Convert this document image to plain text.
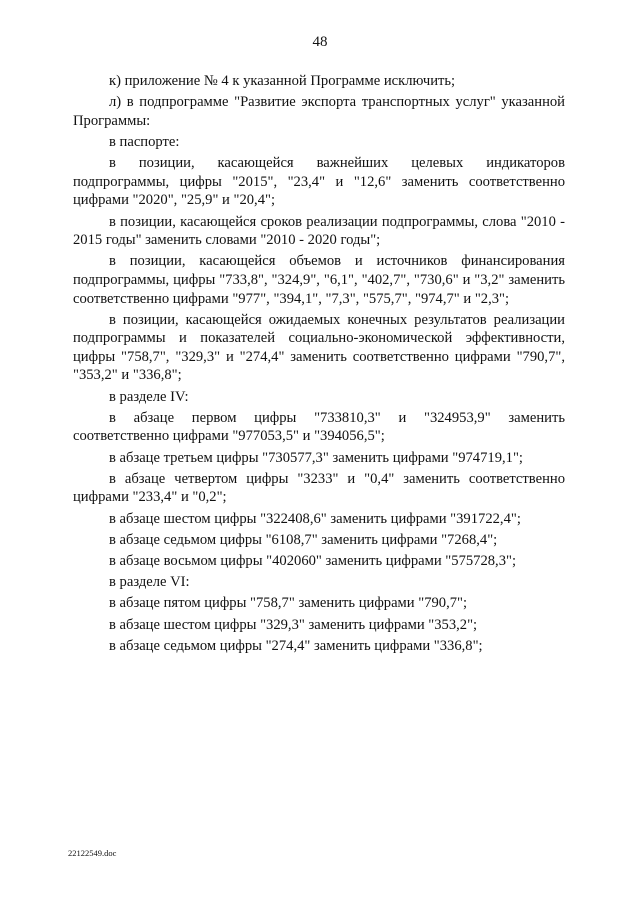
48

к) приложение № 4 к указанной Программе исключить;

л) в подпрограмме "Развитие экспорта транспортных услуг" указанной Программы:

в паспорте:

в позиции, касающейся важнейших целевых индикаторов подпрограммы, цифры "2015", "23,4" и "12,6" заменить соответственно цифрами "2020", "25,9" и "20,4";

в позиции, касающейся сроков реализации подпрограммы, слова "2010 - 2015 годы" заменить словами "2010 - 2020 годы";

в позиции, касающейся объемов и источников финансирования подпрограммы, цифры "733,8", "324,9", "6,1", "402,7", "730,6" и "3,2" заменить соответственно цифрами "977", "394,1", "7,3", "575,7", "974,7" и "2,3";

в позиции, касающейся ожидаемых конечных результатов реализации подпрограммы и показателей социально-экономической эффективности, цифры "758,7", "329,3" и "274,4" заменить соответственно цифрами "790,7", "353,2" и "336,8";

в разделе IV:

в абзаце первом цифры "733810,3" и "324953,9" заменить соответственно цифрами "977053,5" и "394056,5";

в абзаце третьем цифры "730577,3" заменить цифрами "974719,1";

в абзаце четвертом цифры "3233" и "0,4" заменить соответственно цифрами "233,4" и "0,2";

в абзаце шестом цифры "322408,6" заменить цифрами "391722,4";

в абзаце седьмом цифры "6108,7" заменить цифрами "7268,4";

в абзаце восьмом цифры "402060" заменить цифрами "575728,3";

в разделе VI:

в абзаце пятом цифры "758,7" заменить цифрами "790,7";

в абзаце шестом цифры "329,3" заменить цифрами "353,2";

в абзаце седьмом цифры "274,4" заменить цифрами "336,8";

22122549.doc
